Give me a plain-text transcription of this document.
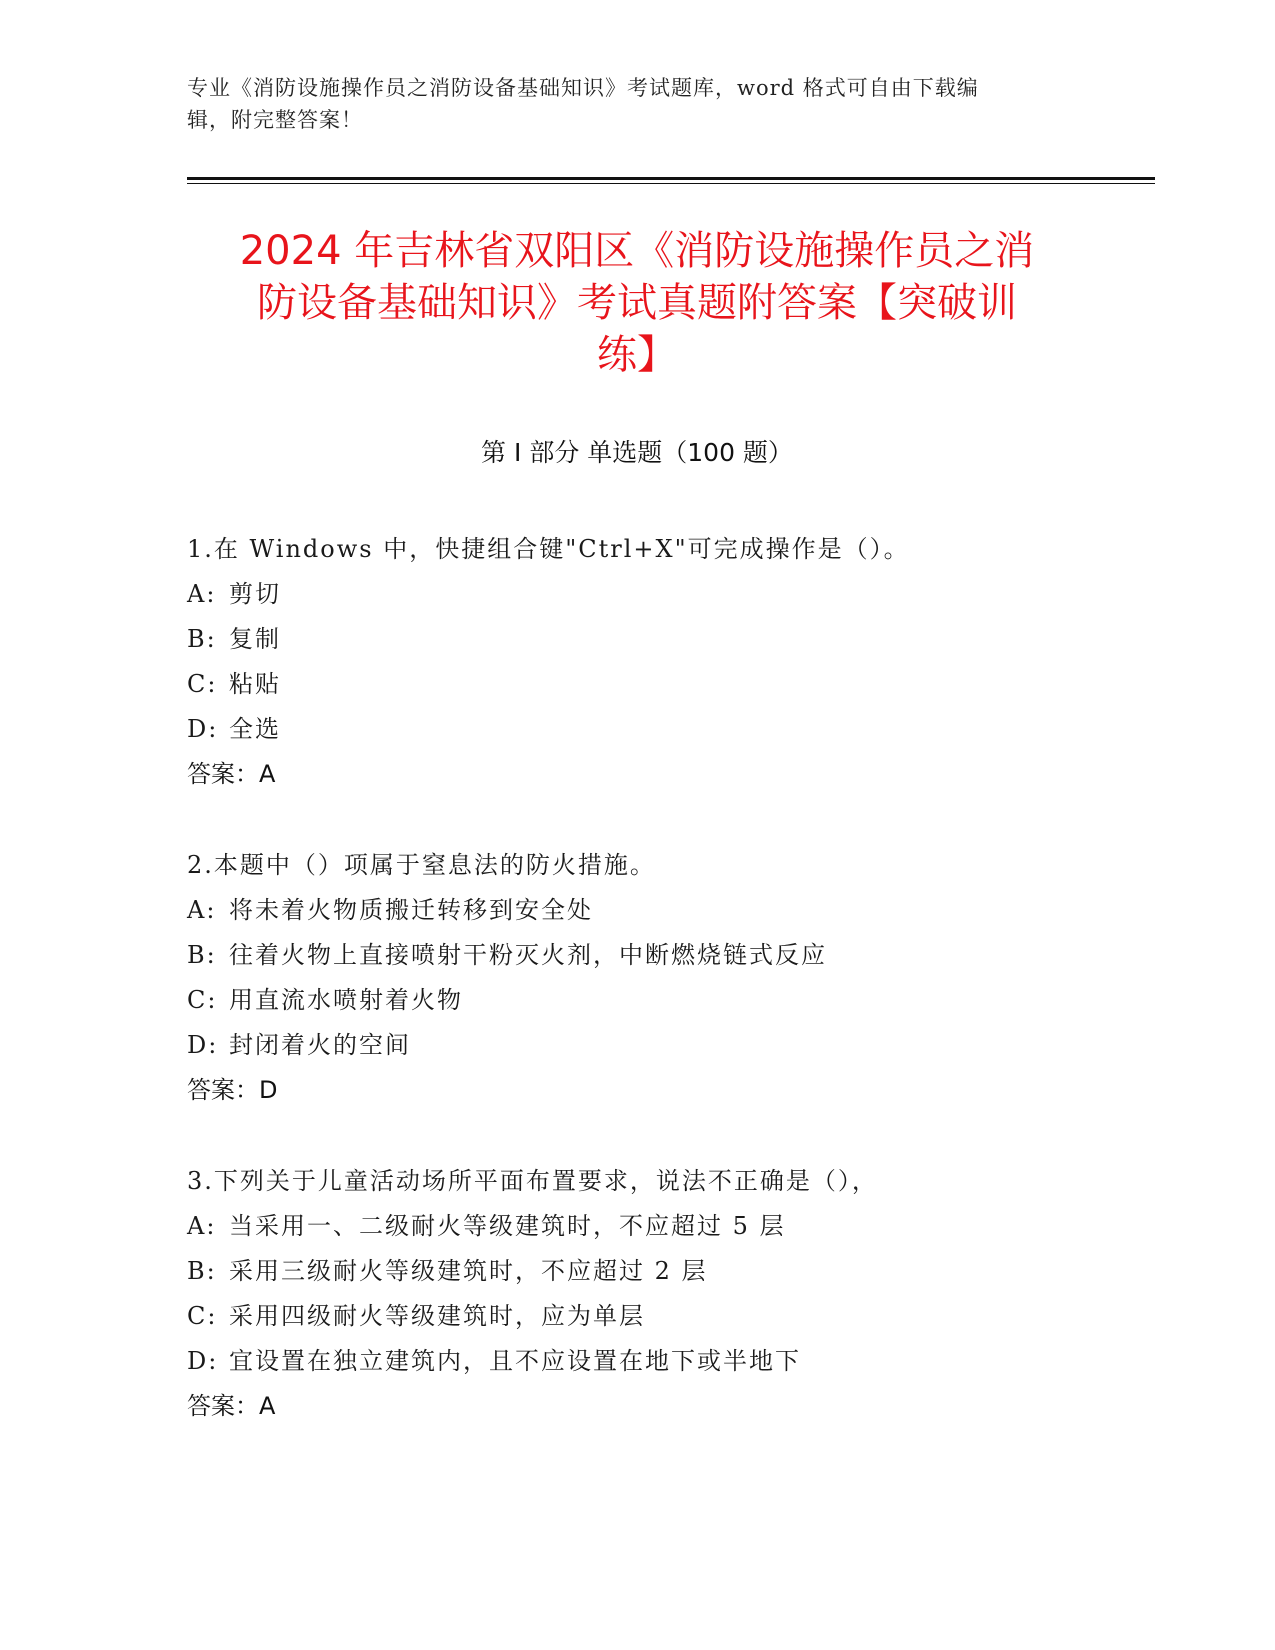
专业《消防设施操作员之消防设备基础知识》考试题库，word 格式可自由下载编
辑，附完整答案！
2024 年吉林省双阳区《消防设施操作员之消
防设备基础知识》考试真题附答案【突破训
练】
第 I 部分 单选题（100 题）
1.在 Windows 中，快捷组合键"Ctrl+X"可完成操作是（）。
A: 剪切
B: 复制
C: 粘贴
D: 全选
答案：A
2.本题中（）项属于窒息法的防火措施。
A: 将未着火物质搬迁转移到安全处
B: 往着火物上直接喷射干粉灭火剂，中断燃烧链式反应
C: 用直流水喷射着火物
D: 封闭着火的空间
答案：D
3.下列关于儿童活动场所平面布置要求，说法不正确是（），
A: 当采用一、二级耐火等级建筑时，不应超过 5 层
B: 采用三级耐火等级建筑时，不应超过 2 层
C: 采用四级耐火等级建筑时，应为单层
D: 宜设置在独立建筑内，且不应设置在地下或半地下
答案：A
